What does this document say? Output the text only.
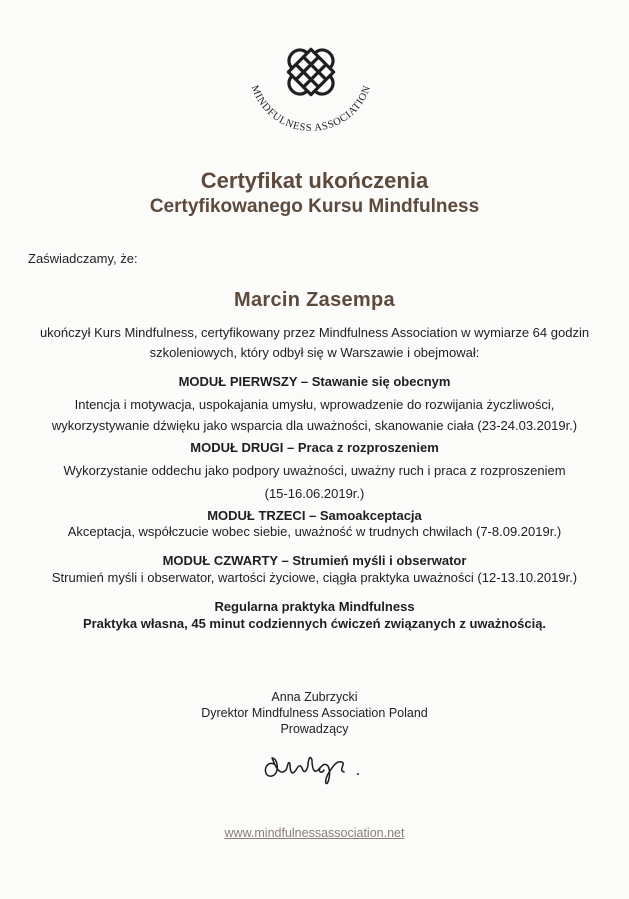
MINDFULNESS ASSOCIATION
Certyfikat ukończenia
Certyfikowanego Kursu Mindfulness
Zaświadczamy, że:
Marcin Zasempa
ukończył Kurs Mindfulness, certyfikowany przez Mindfulness Association w wymiarze 64 godzin
szkoleniowych, który odbył się w Warszawie i obejmował:
MODUŁ PIERWSZY – Stawanie się obecnym
Intencja i motywacja, uspokajania umysłu, wprowadzenie do rozwijania życzliwości,
wykorzystywanie dźwięku jako wsparcia dla uważności, skanowanie ciała (23-24.03.2019r.)
MODUŁ DRUGI – Praca z rozproszeniem
Wykorzystanie oddechu jako podpory uważności, uważny ruch i praca z rozproszeniem
(15-16.06.2019r.)
MODUŁ TRZECI – Samoakceptacja
Akceptacja, współczucie wobec siebie, uważność w trudnych chwilach (7-8.09.2019r.)
MODUŁ CZWARTY – Strumień myśli i obserwator
Strumień myśli i obserwator, wartości życiowe, ciągła praktyka uważności (12-13.10.2019r.)
Regularna praktyka Mindfulness
Praktyka własna, 45 minut codziennych ćwiczeń związanych z uważnością.
Anna Zubrzycki
Dyrektor Mindfulness Association Poland
Prowadzący
www.mindfulnessassociation.net
